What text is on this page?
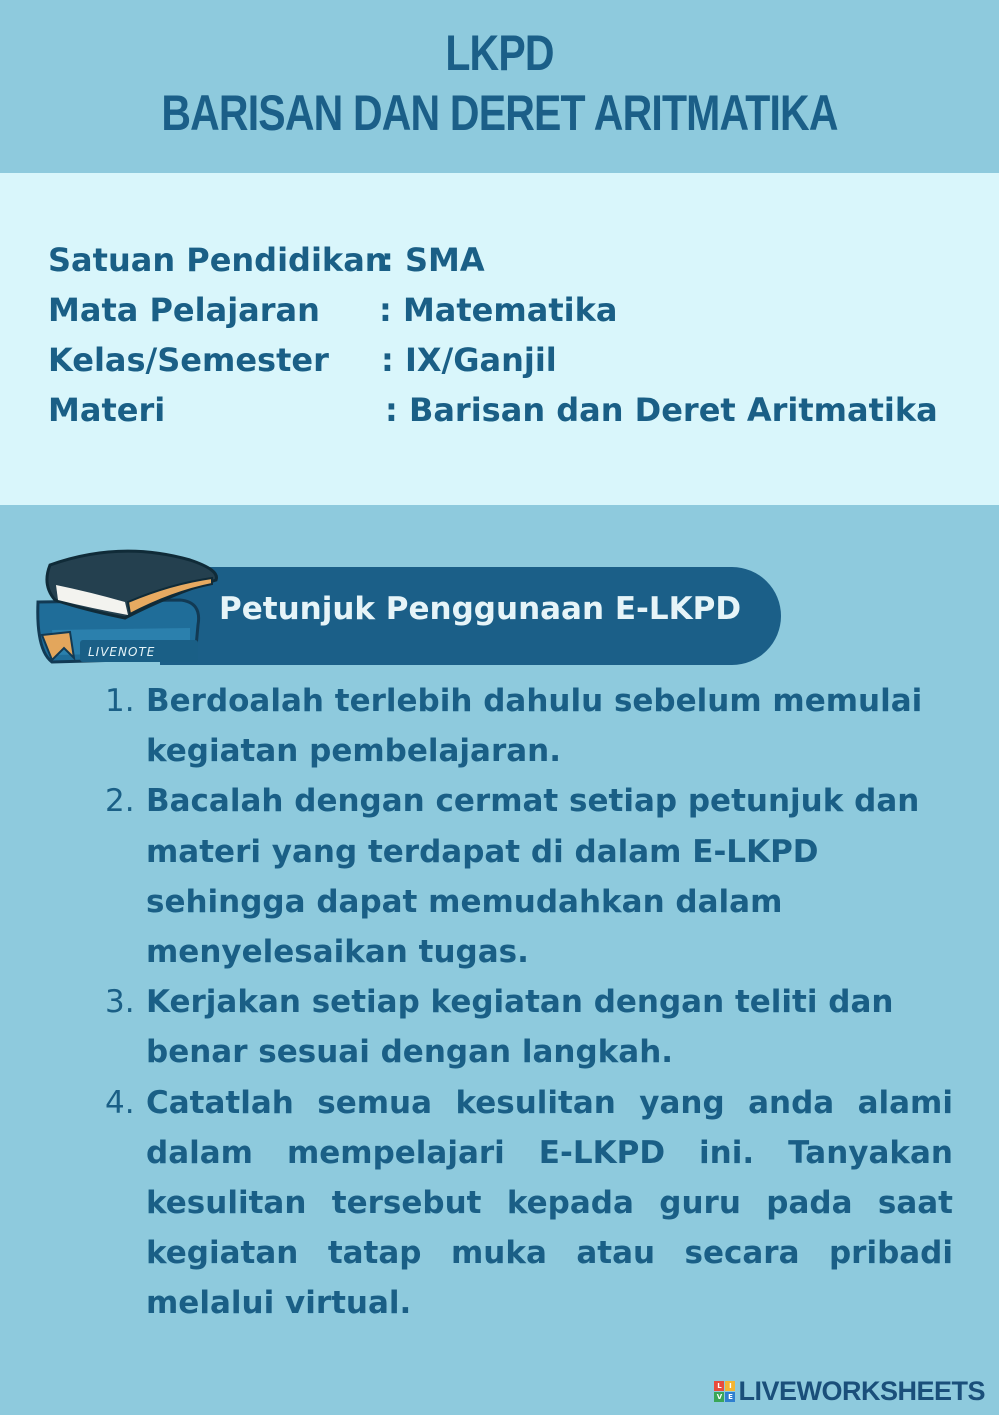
LKPD
BARISAN DAN DERET ARITMATIKA
Satuan Pendidikan
: SMA
Mata Pelajaran : Matematika
Kelas/Semester : IX/Ganjil
Materi	: Barisan dan Deret Aritmatika
LIVENOTE
Petunjuk Penggunaan E-LKPD
1. Berdoalah terlebih dahulu sebelum memulai kegiatan pembelajaran.
2. Bacalah dengan cermat setiap petunjuk dan materi yang terdapat di dalam E-LKPD sehingga dapat memudahkan dalam menyelesaikan tugas.
3. Kerjakan setiap kegiatan dengan teliti dan benar sesuai dengan langkah.
4. Catatlah semua kesulitan yang anda alami dalam mempelajari E-LKPD ini. Tanyakan kesulitan tersebut kepada guru pada saat kegiatan tatap muka atau secara pribadi melalui virtual.
L	I
V E LIVEWORKSHEETS
